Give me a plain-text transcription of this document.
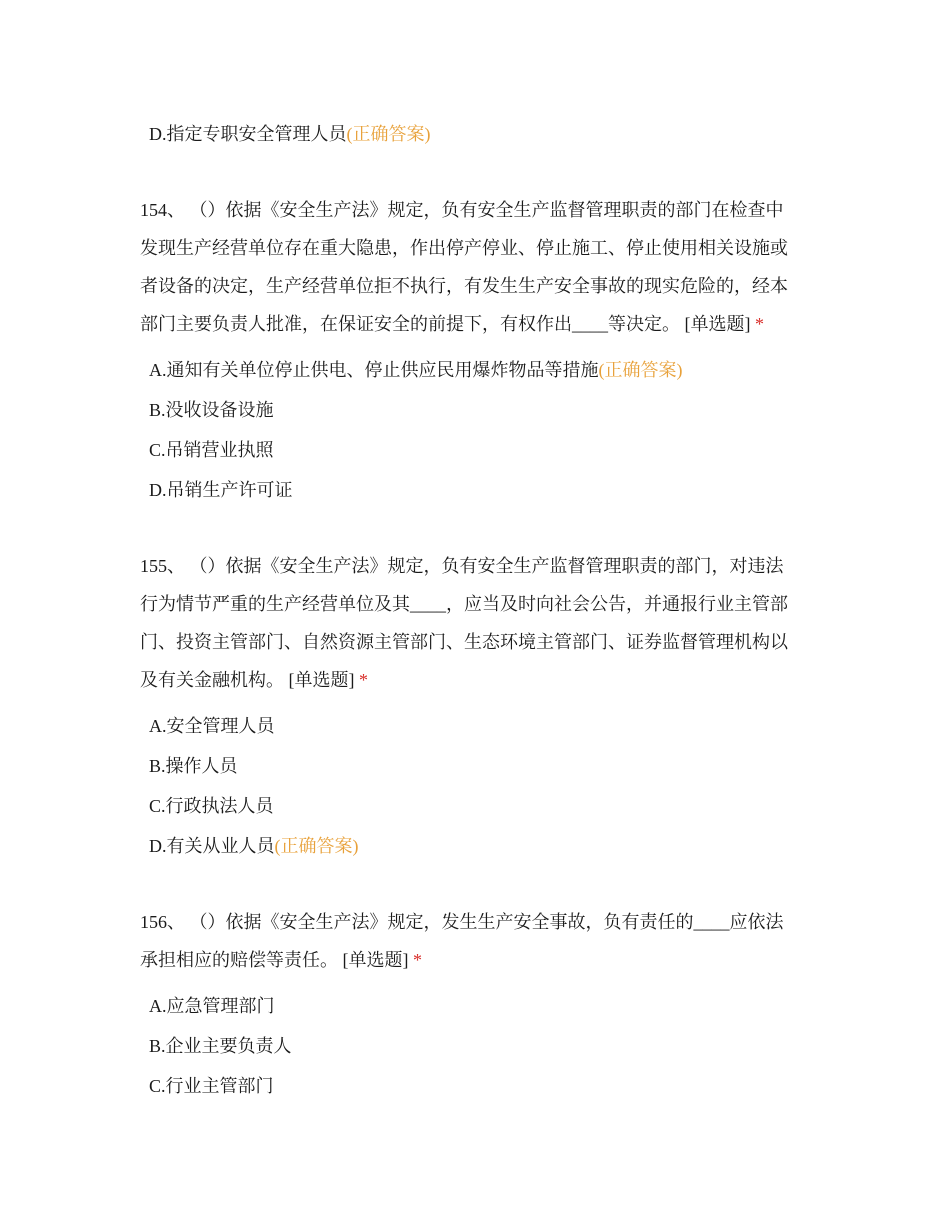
D.指定专职安全管理人员(正确答案)
154、 （）依据《安全生产法》规定，负有安全生产监督管理职责的部门在检查中
发现生产经营单位存在重大隐患，作出停产停业、停止施工、停止使用相关设施或
者设备的决定，生产经营单位拒不执行，有发生生产安全事故的现实危险的，经本
部门主要负责人批准，在保证安全的前提下，有权作出____等决定。 [单选题] *
A.通知有关单位停止供电、停止供应民用爆炸物品等措施(正确答案)
B.没收设备设施
C.吊销营业执照
D.吊销生产许可证
155、 （）依据《安全生产法》规定，负有安全生产监督管理职责的部门，对违法
行为情节严重的生产经营单位及其____，应当及时向社会公告，并通报行业主管部
门、投资主管部门、自然资源主管部门、生态环境主管部门、证券监督管理机构以
及有关金融机构。 [单选题] *
A.安全管理人员
B.操作人员
C.行政执法人员
D.有关从业人员(正确答案)
156、 （）依据《安全生产法》规定，发生生产安全事故，负有责任的____应依法
承担相应的赔偿等责任。 [单选题] *
A.应急管理部门
B.企业主要负责人
C.行业主管部门
